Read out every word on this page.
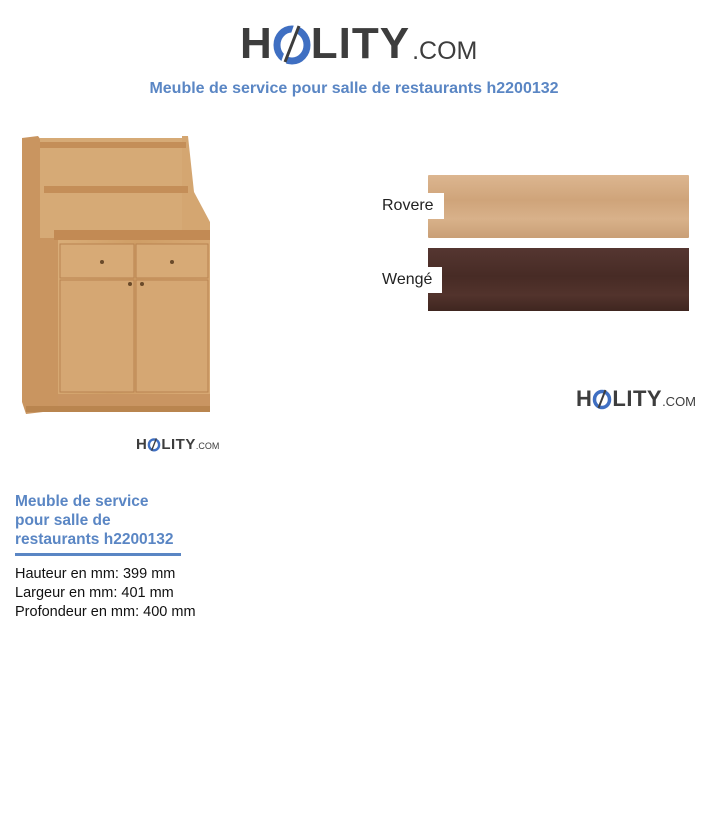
H LITY .COM
Meuble de service pour salle de restaurants h2200132
H LITY .COM
Rovere
Wengé
H LITY .COM
Meuble de service pour salle de restaurants h2200132
Hauteur en mm: 399 mm
Largeur en mm: 401 mm
Profondeur en mm: 400 mm
